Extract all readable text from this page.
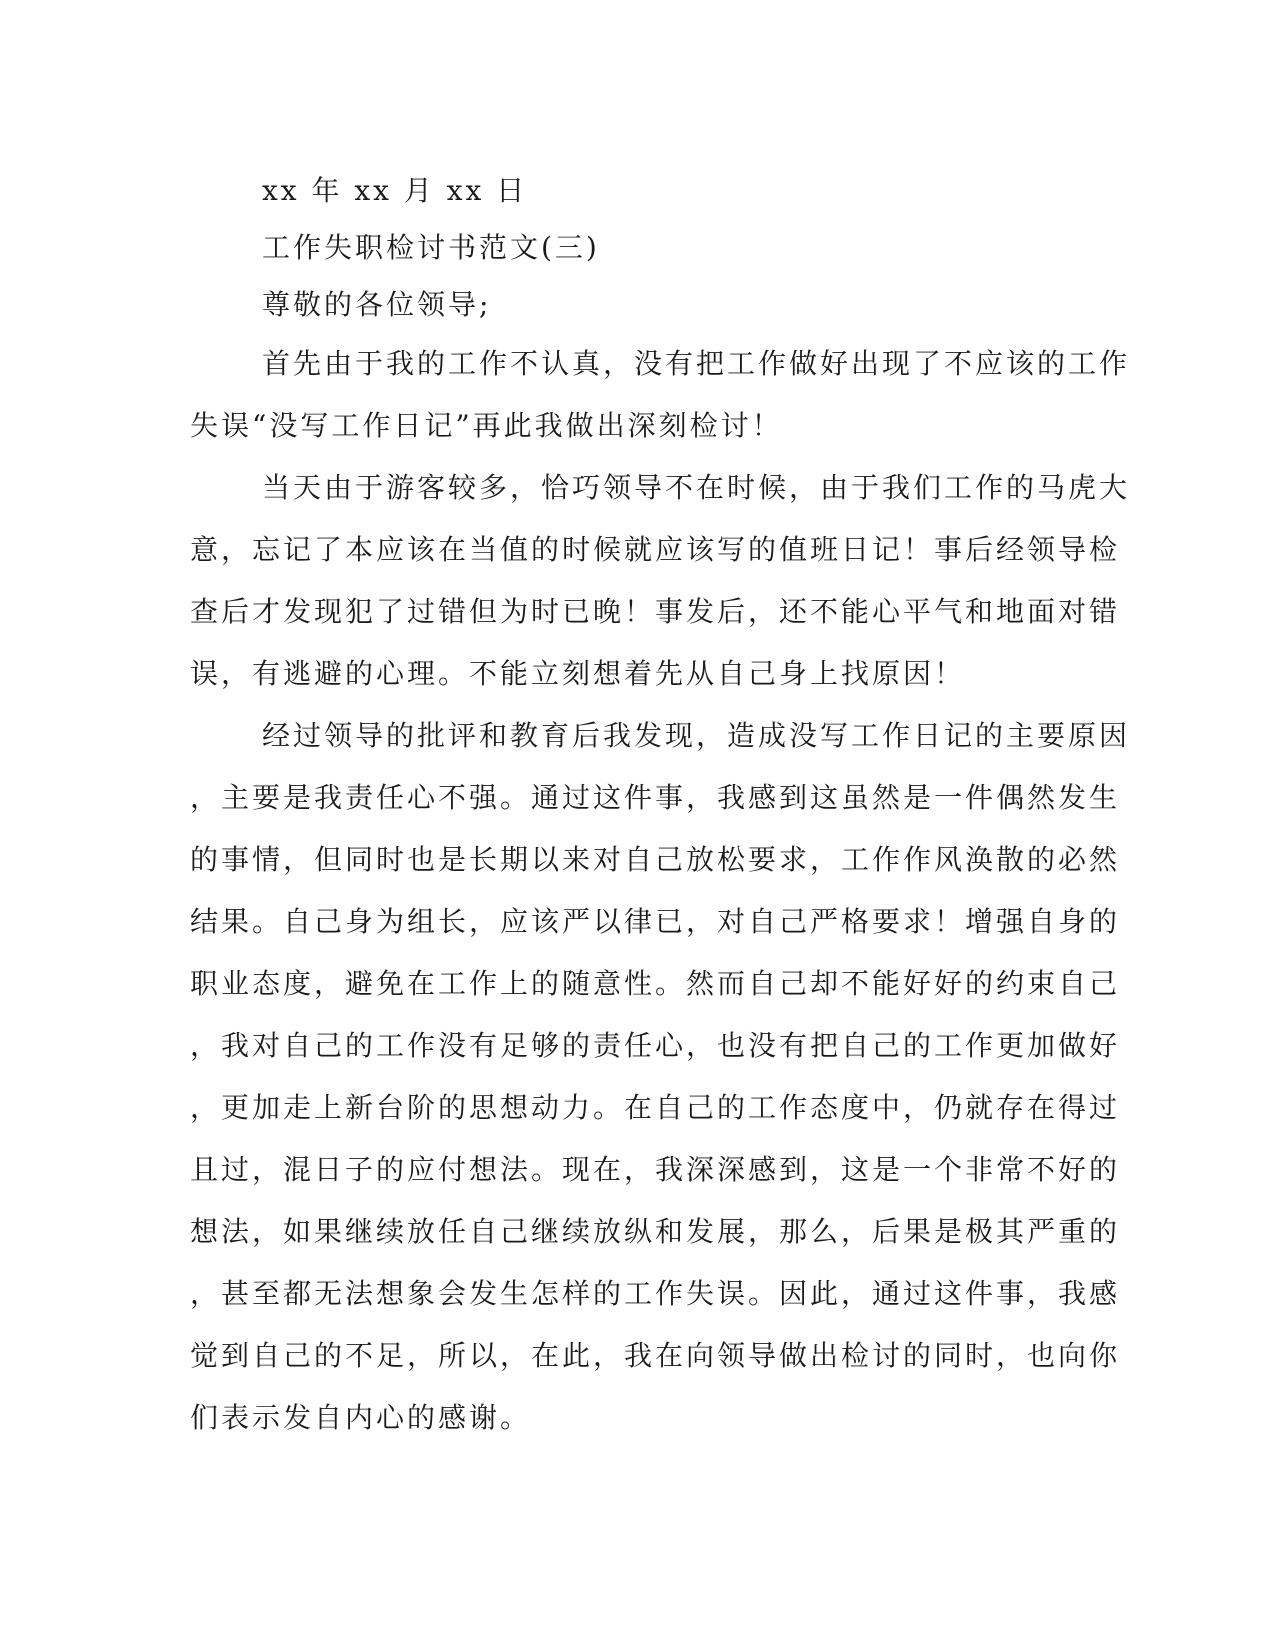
xx 年 xx 月 xx 日
工作失职检讨书范文(三)
尊敬的各位领导;
首先由于我的工作不认真，没有把工作做好出现了不应该的工作
失误“没写工作日记”再此我做出深刻检讨！
当天由于游客较多，恰巧领导不在时候，由于我们工作的马虎大
意，忘记了本应该在当值的时候就应该写的值班日记！事后经领导检
查后才发现犯了过错但为时已晚！事发后，还不能心平气和地面对错
误，有逃避的心理。不能立刻想着先从自己身上找原因！
经过领导的批评和教育后我发现，造成没写工作日记的主要原因
，主要是我责任心不强。通过这件事，我感到这虽然是一件偶然发生
的事情，但同时也是长期以来对自己放松要求，工作作风涣散的必然
结果。自己身为组长，应该严以律已，对自己严格要求！增强自身的
职业态度，避免在工作上的随意性。然而自己却不能好好的约束自己
，我对自己的工作没有足够的责任心，也没有把自己的工作更加做好
，更加走上新台阶的思想动力。在自己的工作态度中，仍就存在得过
且过，混日子的应付想法。现在，我深深感到，这是一个非常不好的
想法，如果继续放任自己继续放纵和发展，那么，后果是极其严重的
，甚至都无法想象会发生怎样的工作失误。因此，通过这件事，我感
觉到自己的不足，所以，在此，我在向领导做出检讨的同时，也向你
们表示发自内心的感谢。
